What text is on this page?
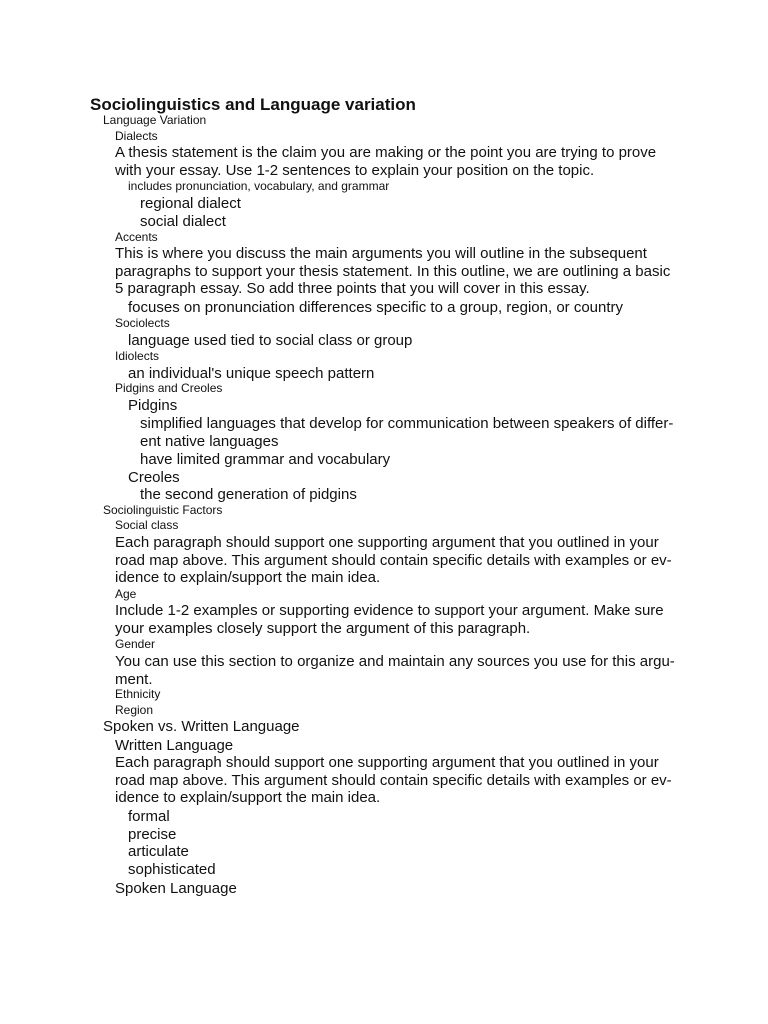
Sociolinguistics and Language variation
Language Variation
Dialects
A thesis statement is the claim you are making or the point you are trying to prove with your essay. Use 1-2 sentences to explain your position on the topic.
includes pronunciation, vocabulary, and grammar
regional dialect
social dialect
Accents
This is where you discuss the main arguments you will outline in the subsequent paragraphs to support your thesis statement. In this outline, we are outlining a basic 5 paragraph essay. So add three points that you will cover in this essay.
focuses on pronunciation differences specific to a group, region, or country
Sociolects
language used tied to social class or group
Idiolects
an individual's unique speech pattern
Pidgins and Creoles
Pidgins
simplified languages that develop for communication between speakers of differ-ent native languages
have limited grammar and vocabulary
Creoles
the second generation of pidgins
Sociolinguistic Factors
Social class
Each paragraph should support one supporting argument that you outlined in your road map above. This argument should contain specific details with examples or ev-idence to explain/support the main idea.
Age
Include 1-2 examples or supporting evidence to support your argument. Make sure your examples closely support the argument of this paragraph.
Gender
You can use this section to organize and maintain any sources you use for this argu-ment.
Ethnicity
Region
Spoken vs. Written Language
Written Language
Each paragraph should support one supporting argument that you outlined in your road map above. This argument should contain specific details with examples or ev-idence to explain/support the main idea.
formal
precise
articulate
sophisticated
Spoken Language
